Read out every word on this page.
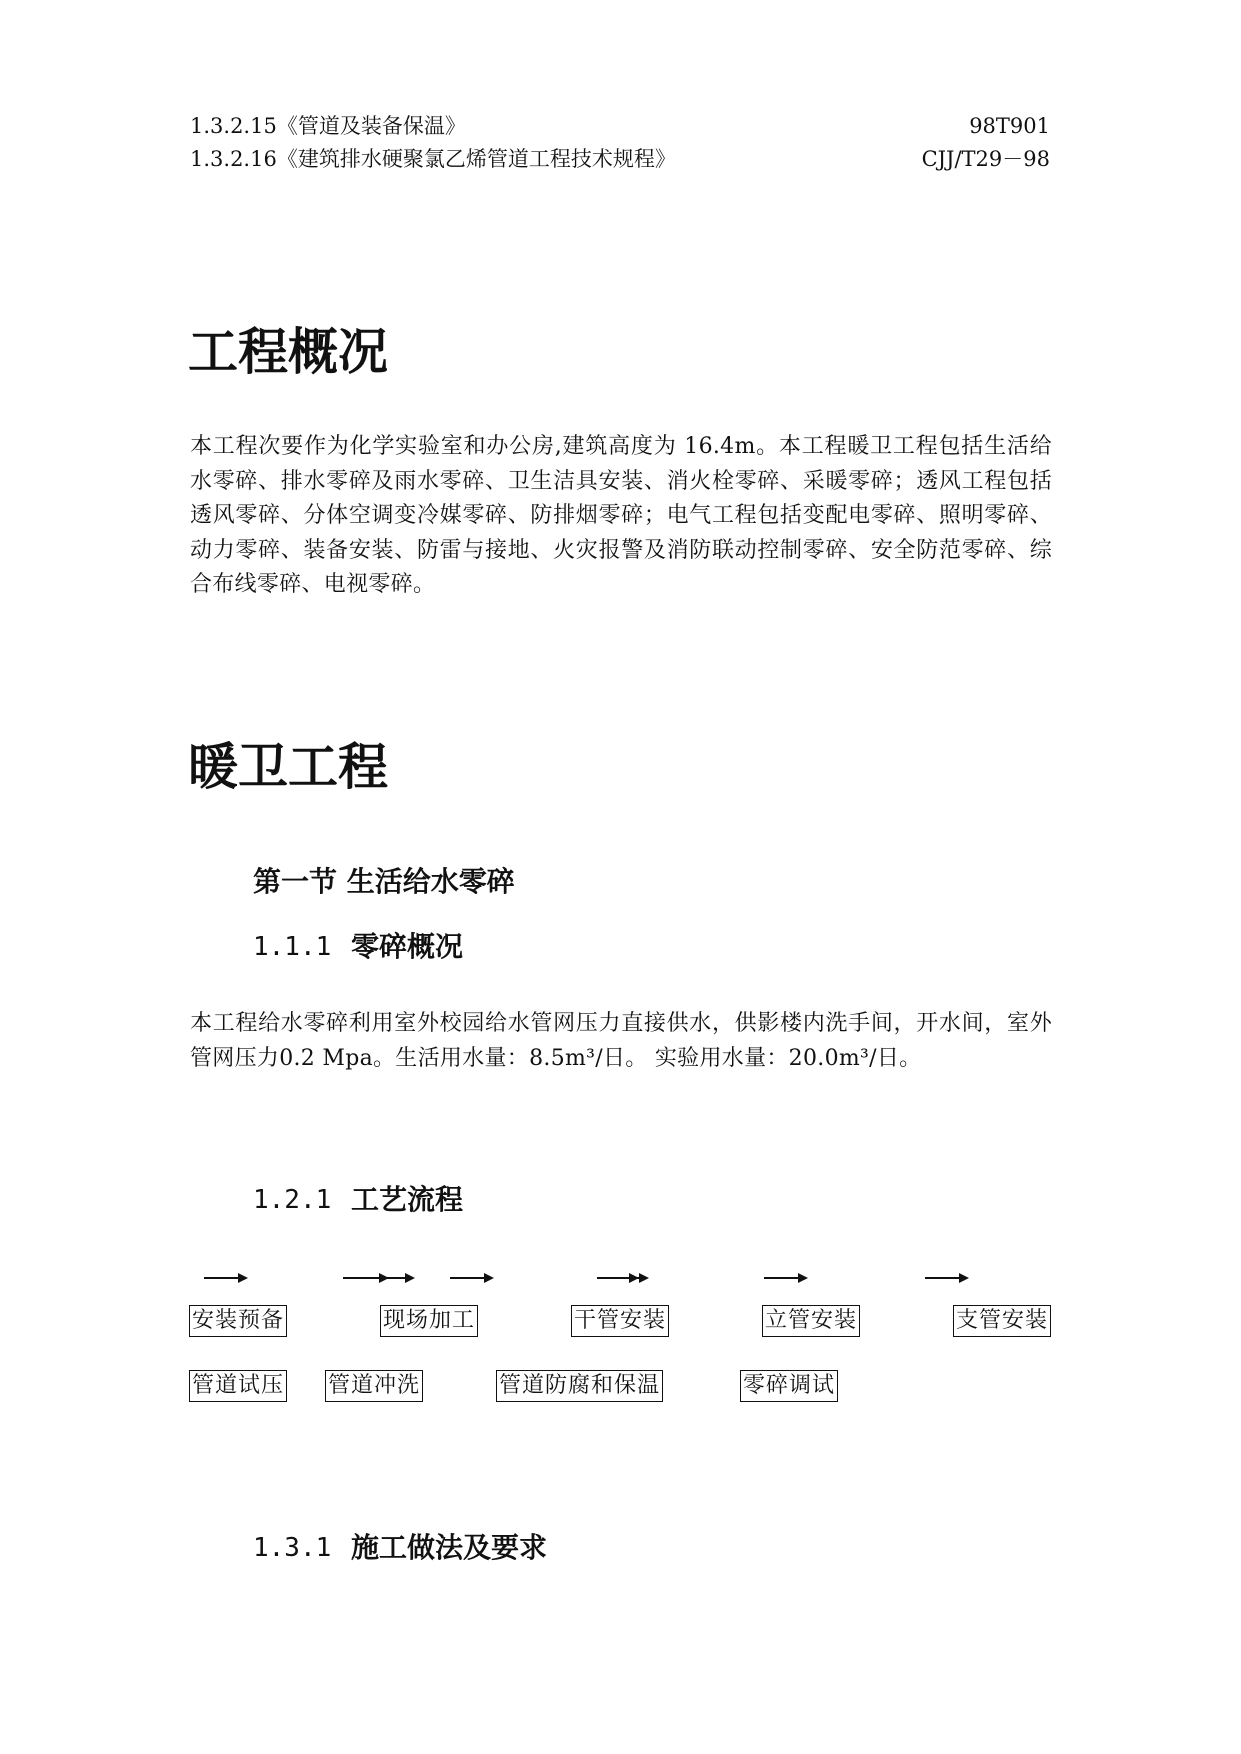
1.3.2.15《管道及装备保温》	98T901
1.3.2.16《建筑排水硬聚氯乙烯管道工程技术规程》	CJJ/T29－98
工程概况

本工程次要作为化学实验室和办公房,建筑高度为 16.4m。本工程暖卫工程包括生活给水零碎、排水零碎及雨水零碎、卫生洁具安装、消火栓零碎、采暖零碎；透风工程包括透风零碎、分体空调变冷媒零碎、防排烟零碎；电气工程包括变配电零碎、照明零碎、动力零碎、装备安装、防雷与接地、火灾报警及消防联动控制零碎、安全防范零碎、综合布线零碎、电视零碎。

暖卫工程
第一节 生活给水零碎
1.1.1 零碎概况

本工程给水零碎利用室外校园给水管网压力直接供水，供影楼内洗手间，开水间，室外管网压力0.2 Mpa。生活用水量：8.5m³/日。 实验用水量：20.0m³/日。

1.2.1 工艺流程
安装预备	现场加工	干管安装	立管安装	支管安装
管道试压 管道冲洗	管道防腐和保温	零碎调试
1.3.1 施工做法及要求
